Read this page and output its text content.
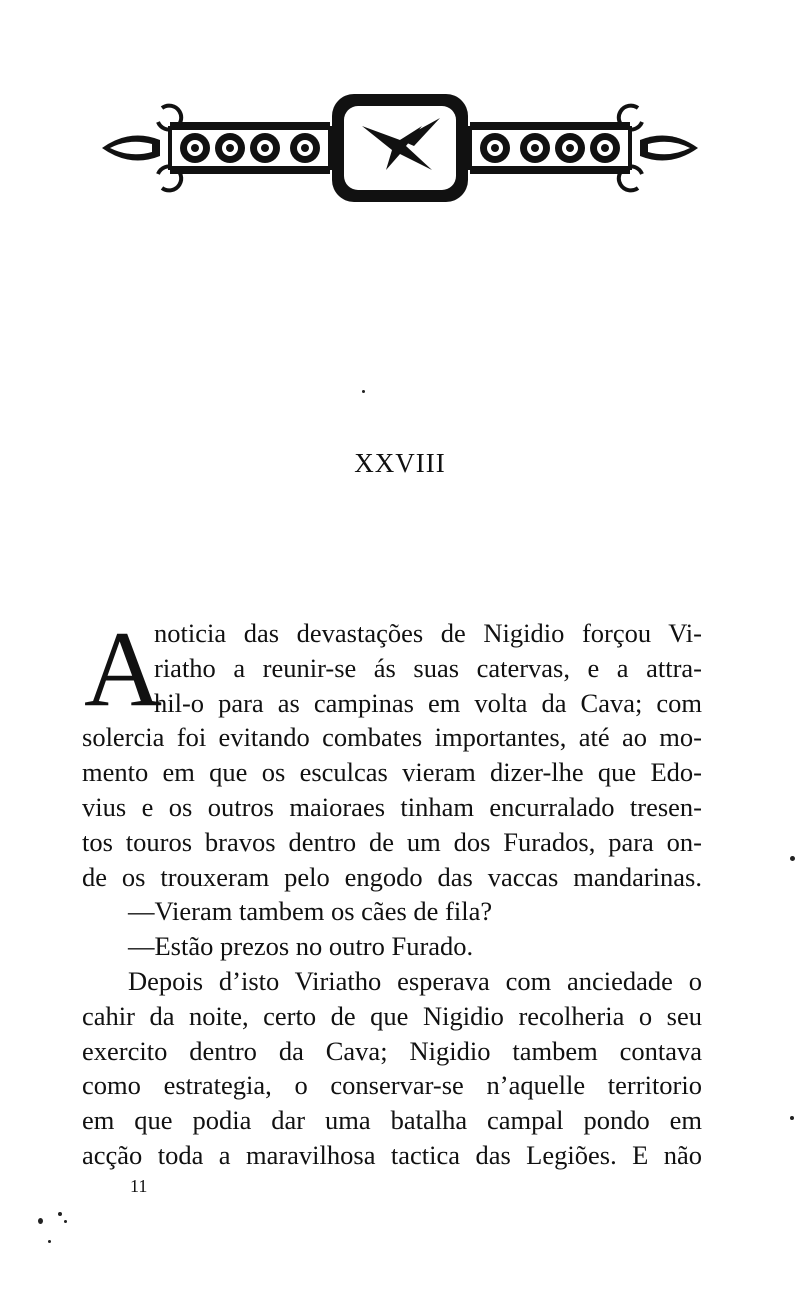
XXVIII
A
noticia das devastações de Nigidio forçou Vi-
riatho a reunir-se ás suas catervas, e a attra-
hil-o para as campinas em volta da Cava; com
solercia foi evitando combates importantes, até ao mo-
mento em que os esculcas vieram dizer-lhe que Edo-
vius e os outros maioraes tinham encurralado tresen-
tos touros bravos dentro de um dos Furados, para on-
de os trouxeram pelo engodo das vaccas mandarinas.
—Vieram tambem os cães de fila?
—Estão prezos no outro Furado.
Depois d’isto Viriatho esperava com anciedade o
cahir da noite, certo de que Nigidio recolheria o seu
exercito dentro da Cava; Nigidio tambem contava
como estrategia, o conservar-se n’aquelle territorio
em que podia dar uma batalha campal pondo em
acção toda a maravilhosa tactica das Legiões. E não
11
